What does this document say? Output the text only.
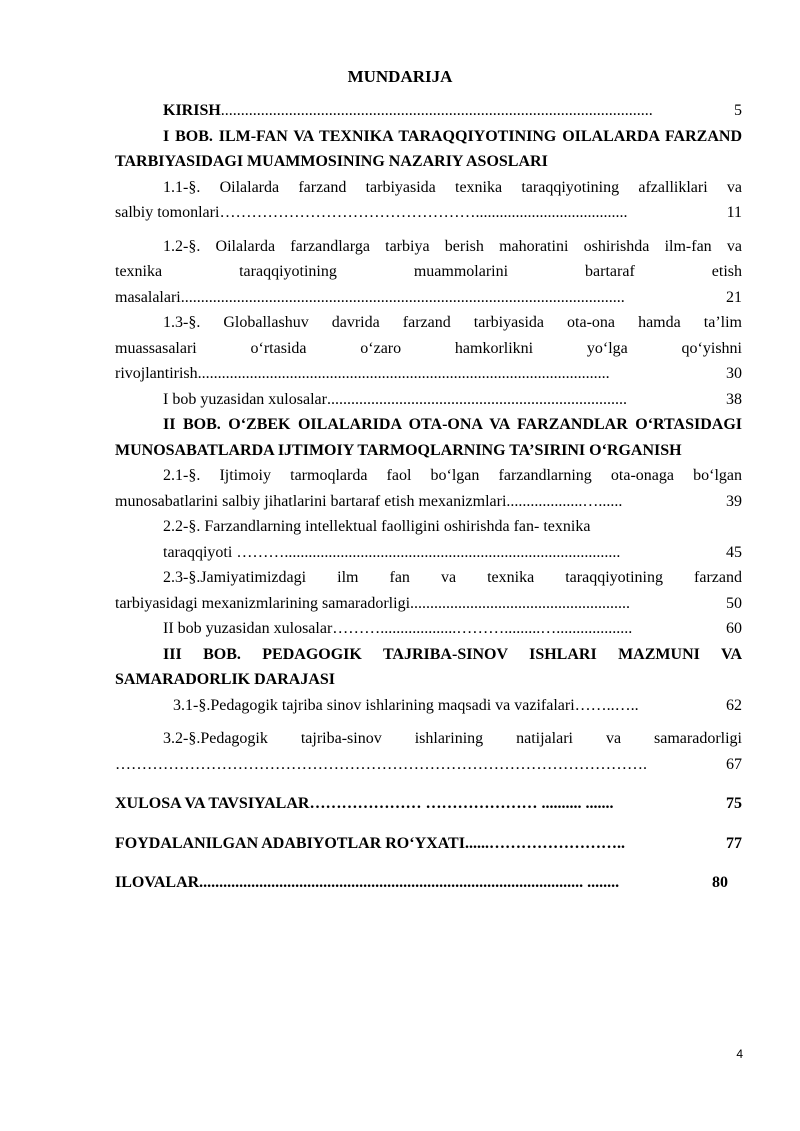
MUNDARIJA
KIRISH ............................................................................................................	5
I BOB. ILM-FAN VA TEXNIKA TARAQQIYOTINING OILALARDA FARZAND TARBIYASIDAGI MUAMMOSINING NAZARIY ASOSLARI
1.1-§. Oilalarda farzand tarbiyasida texnika taraqqiyotining afzalliklari va
salbiy tomonlari …………………………………………......................................	11
1.2-§. Oilalarda farzandlarga tarbiya berish mahoratini oshirishda ilm-fan va
texnika taraqqiyotining muammolarini bartaraf etish
masalalari ...............................................................................................................	21
1.3-§. Globallashuv davrida farzand tarbiyasida ota-ona hamda ta’lim
muassasalari o‘rtasida o‘zaro hamkorlikni yo‘lga qo‘yishni
rivojlantirish .......................................................................................................	30
I bob yuzasidan xulosalar ...........................................................................	38
II BOB. O‘ZBEK OILALARIDA OTA-ONA VA FARZANDLAR O‘RTASIDAGI MUNOSABATLARDA IJTIMOIY TARMOQLARNING TA’SIRINI O‘RGANISH
2.1-§. Ijtimoiy tarmoqlarda faol bo‘lgan farzandlarning ota-onaga bo‘lgan
munosabatlarini salbiy jihatlarini bartaraf etish mexanizmlari ...................…......	39
2.2-§. Farzandlarning intellektual faolligini oshirishda fan- texnika
taraqqiyoti ………....................................................................................	45
2.3-§.Jamiyatimizdagi ilm fan va texnika taraqqiyotining farzand
tarbiyasidagi mexanizmlarining samaradorligi .......................................................	50
II bob yuzasidan xulosalar ………...................……….........…...................	60
III BOB. PEDAGOGIK TAJRIBA-SINOV ISHLARI MAZMUNI VA SAMARADORLIK DARAJASI
3.1-§.Pedagogik tajriba sinov ishlarining maqsadi va vazifalari ……..…..	62
3.2-§.Pedagogik tajriba-sinov ishlarining natijalari va samaradorligi
……………………………………………………………………………………….	67
XULOSA VA TAVSIYALAR ………………… ………………… .......... .......	75
FOYDALANILGAN ADABIYOTLAR RO‘YXATI ......……………………..	77
ILOVALAR ................................................................................................ ........	80
4
